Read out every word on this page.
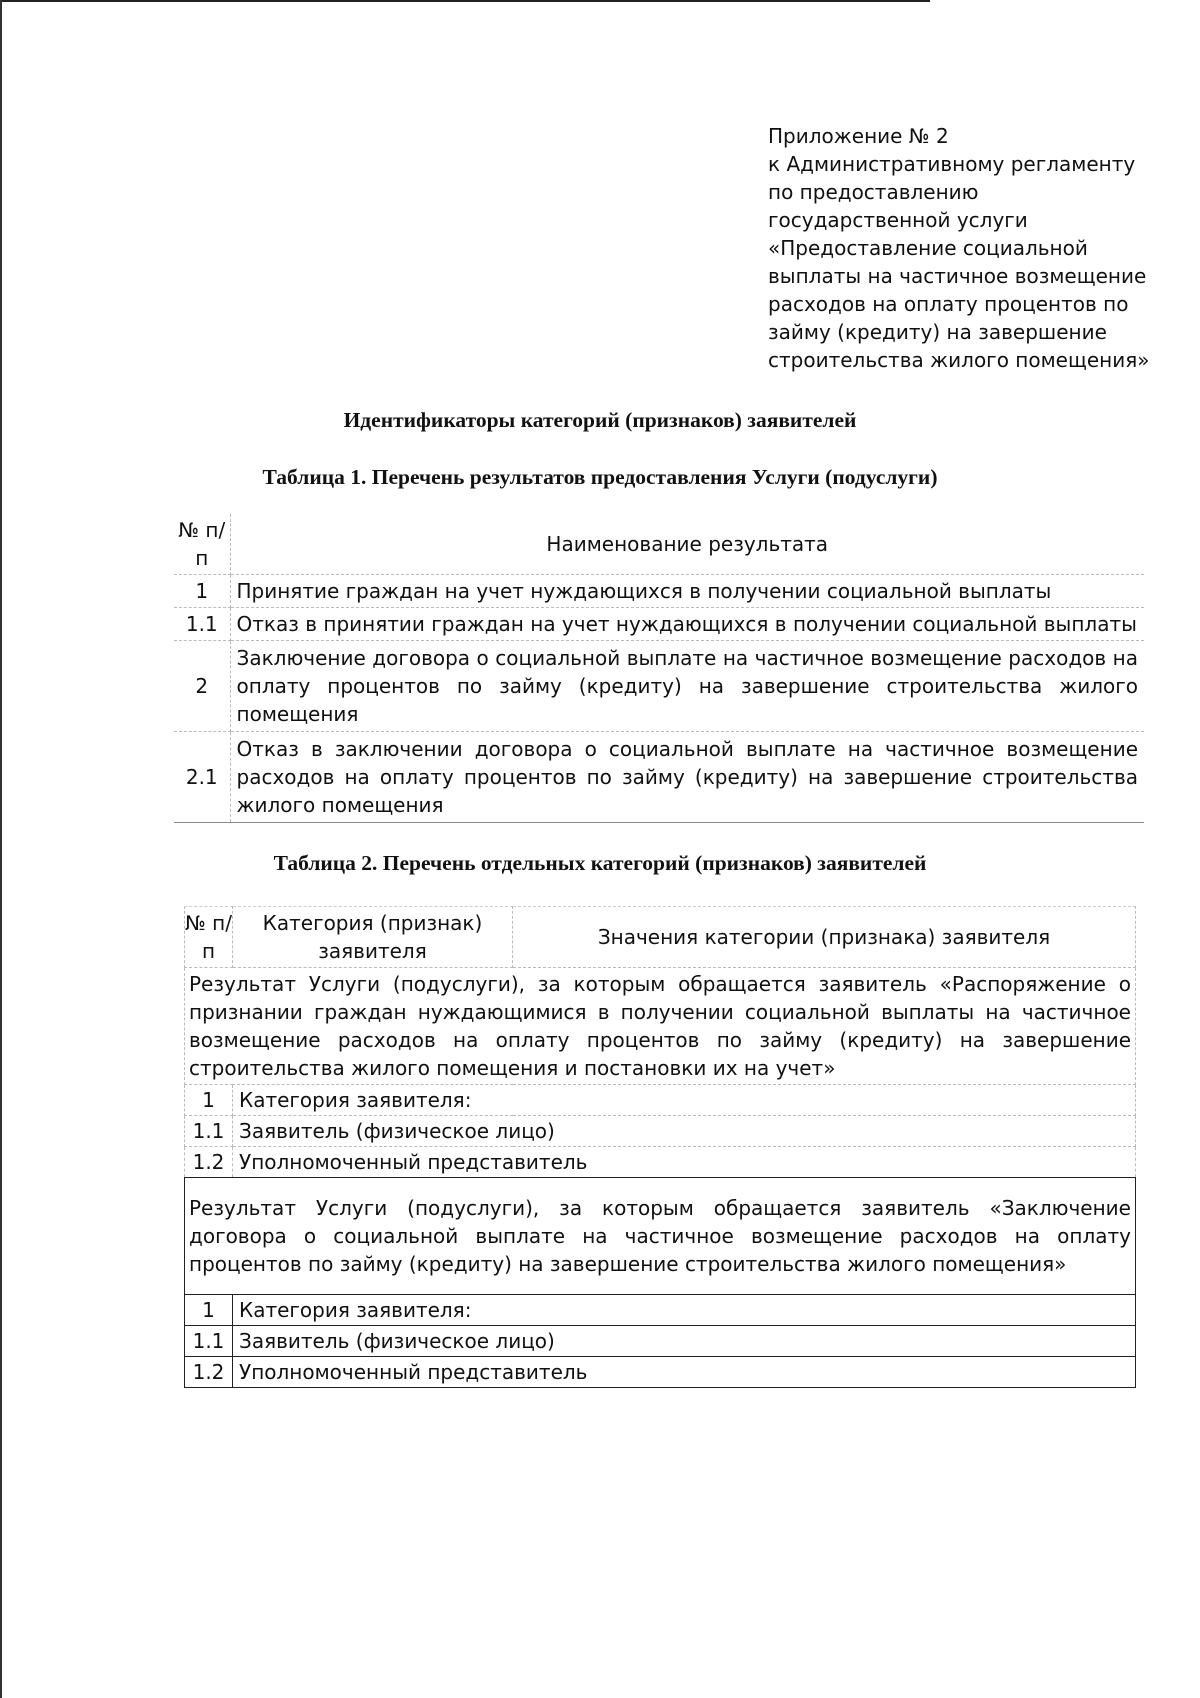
Приложение № 2
к Административному регламенту
по предоставлению
государственной услуги
«Предоставление социальной
выплаты на частичное возмещение
расходов на оплату процентов по
займу (кредиту) на завершение
строительства жилого помещения»
Идентификаторы категорий (признаков) заявителей
Таблица 1. Перечень результатов предоставления Услуги (подуслуги)
№ п/п	Наименование результата
1	Принятие граждан на учет нуждающихся в получении социальной выплаты
1.1	Отказ в принятии граждан на учет нуждающихся в получении социальной выплаты
2	Заключение договора о социальной выплате на частичное возмещение расходов на оплату процентов по займу (кредиту) на завершение строительства жилого помещения
2.1	Отказ в заключении договора о социальной выплате на частичное возмещение расходов на оплату процентов по займу (кредиту) на завершение строительства жилого помещения
Таблица 2. Перечень отдельных категорий (признаков) заявителей
№ п/п	Категория (признак) заявителя	Значения категории (признака) заявителя
Результат Услуги (подуслуги), за которым обращается заявитель «Распоряжение о признании граждан нуждающимися в получении социальной выплаты на частичное возмещение расходов на оплату процентов по займу (кредиту) на завершение строительства жилого помещения и постановки их на учет»		
1	Категория заявителя:	
1.1	Заявитель (физическое лицо)	
1.2	Уполномоченный представитель	
Результат Услуги (подуслуги), за которым обращается заявитель «Заключение договора о социальной выплате на частичное возмещение расходов на оплату процентов по займу (кредиту) на завершение строительства жилого помещения»		
1	Категория заявителя:	
1.1	Заявитель (физическое лицо)	
1.2	Уполномоченный представитель	
